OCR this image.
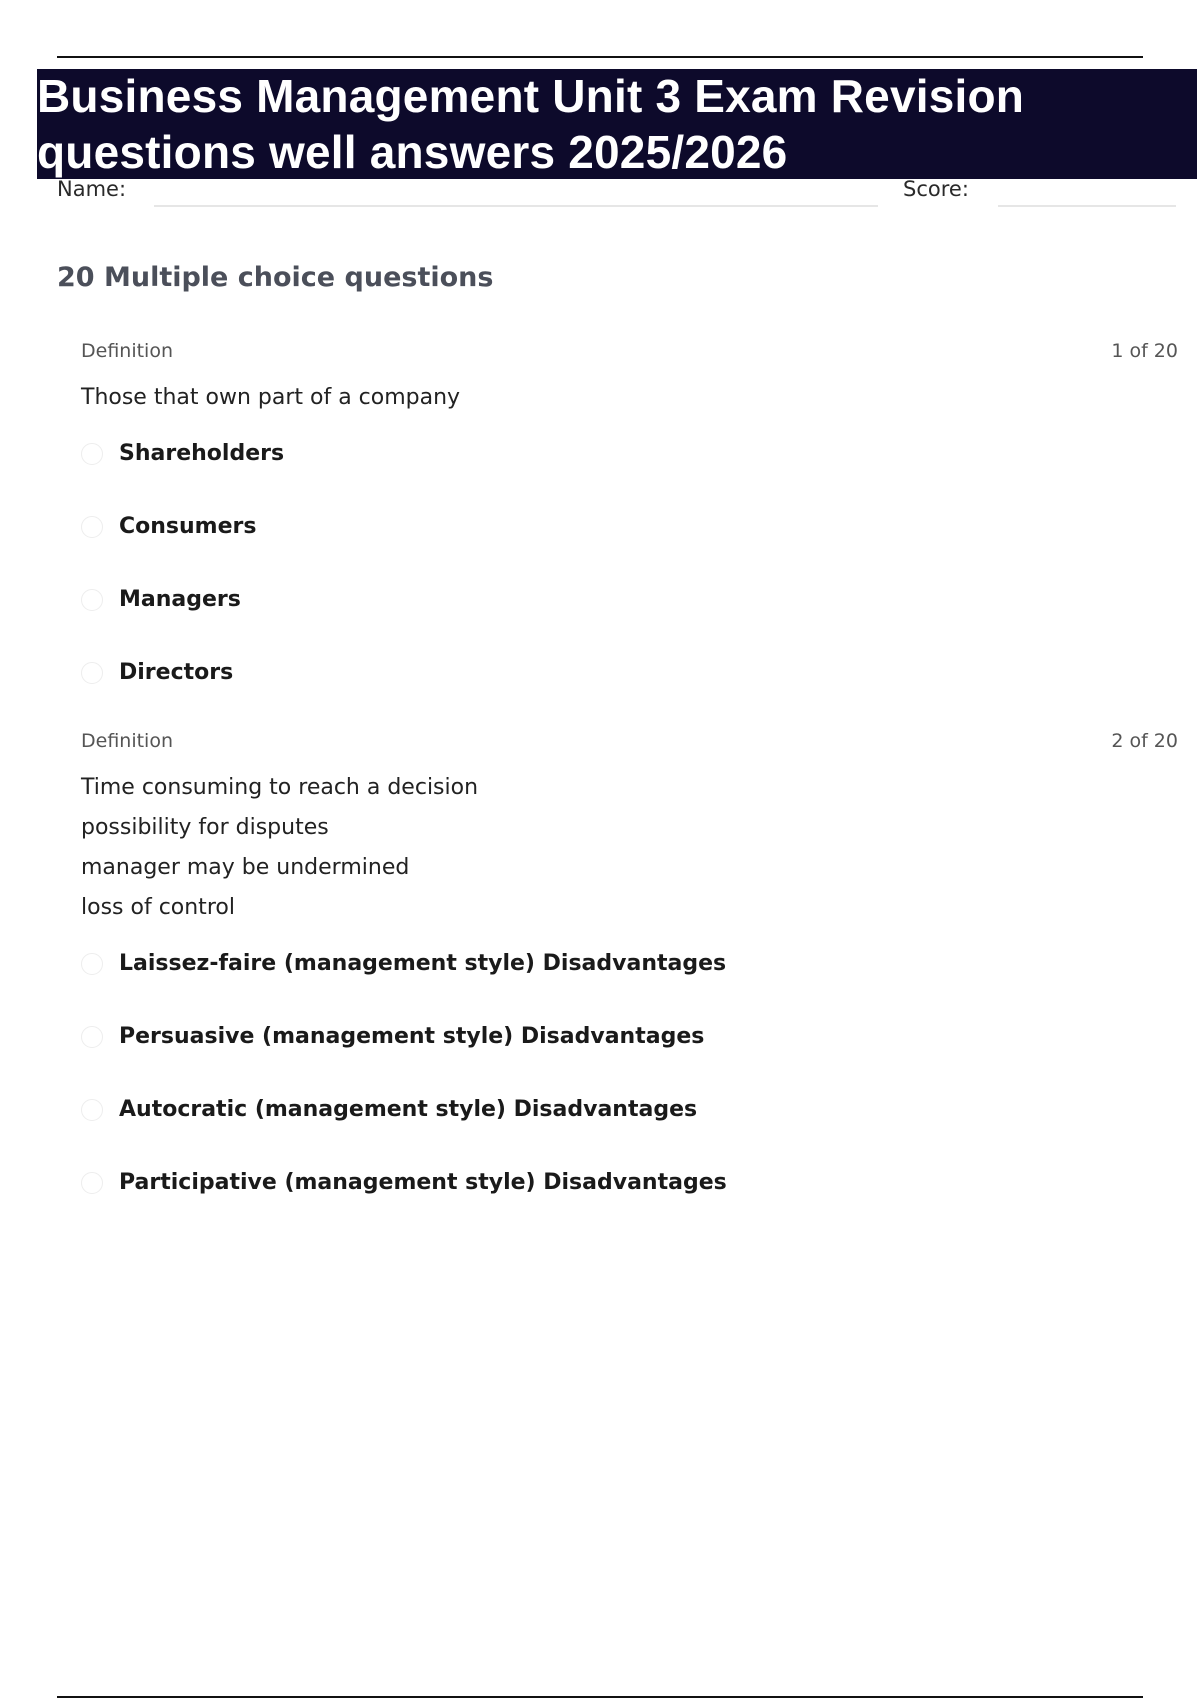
Business Management Unit 3 Exam Revision
questions well answers 2025/2026
Name:	Score:
20 Multiple choice questions
Definition	1 of 20
Those that own part of a company
Shareholders
Consumers
Managers
Directors
Definition	2 of 20
Time consuming to reach a decision
possibility for disputes
manager may be undermined
loss of control
Laissez-faire (management style) Disadvantages
Persuasive (management style) Disadvantages
Autocratic (management style) Disadvantages
Participative (management style) Disadvantages
